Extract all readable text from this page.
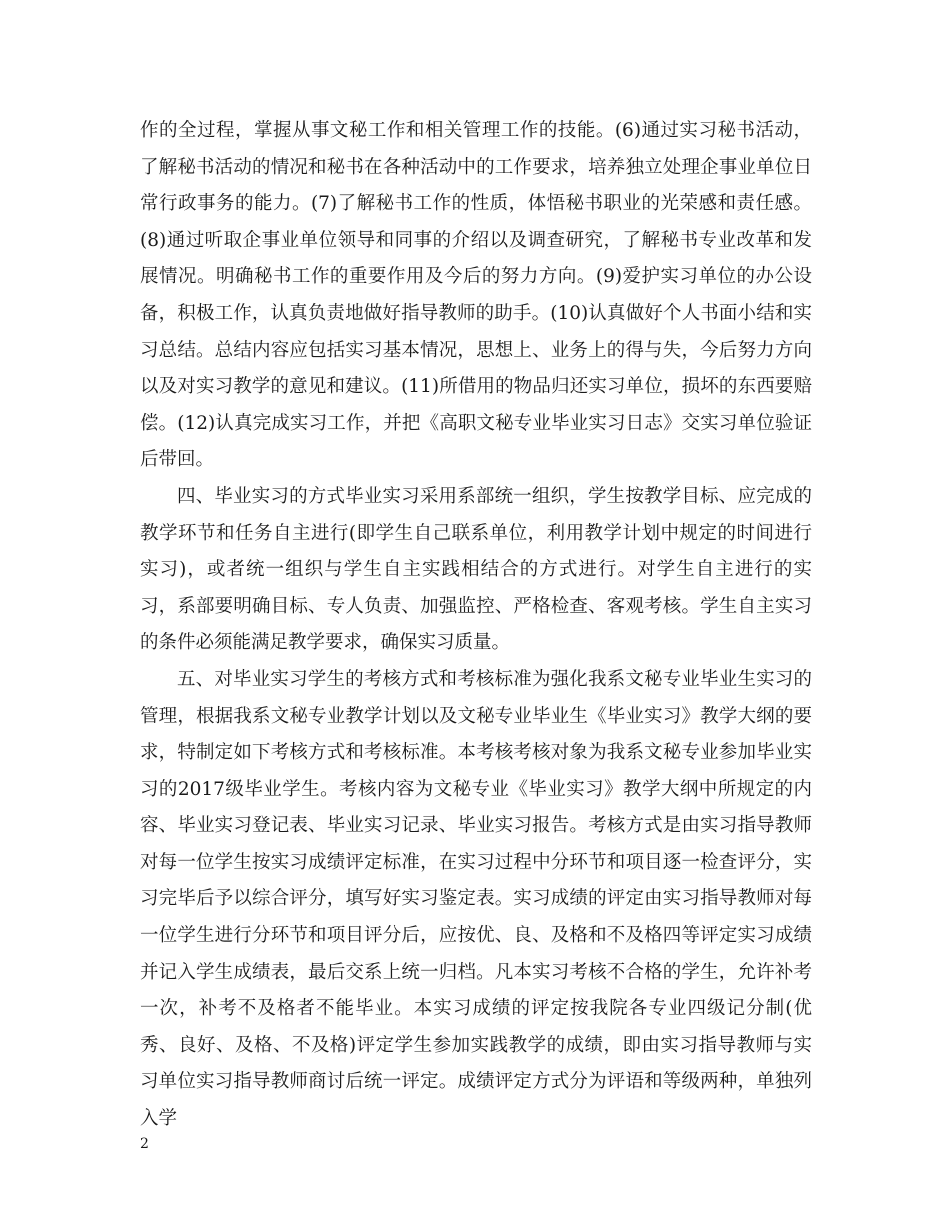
作的全过程，掌握从事文秘工作和相关管理工作的技能。(6)通过实习秘书活动，了解秘书活动的情况和秘书在各种活动中的工作要求，培养独立处理企事业单位日常行政事务的能力。(7)了解秘书工作的性质，体悟秘书职业的光荣感和责任感。(8)通过听取企事业单位领导和同事的介绍以及调查研究，了解秘书专业改革和发展情况。明确秘书工作的重要作用及今后的努力方向。(9)爱护实习单位的办公设备，积极工作，认真负责地做好指导教师的助手。(10)认真做好个人书面小结和实习总结。总结内容应包括实习基本情况，思想上、业务上的得与失，今后努力方向以及对实习教学的意见和建议。(11)所借用的物品归还实习单位，损坏的东西要赔偿。(12)认真完成实习工作，并把《高职文秘专业毕业实习日志》交实习单位验证后带回。

四、毕业实习的方式毕业实习采用系部统一组织，学生按教学目标、应完成的教学环节和任务自主进行(即学生自己联系单位，利用教学计划中规定的时间进行实习)，或者统一组织与学生自主实践相结合的方式进行。对学生自主进行的实习，系部要明确目标、专人负责、加强监控、严格检查、客观考核。学生自主实习的条件必须能满足教学要求，确保实习质量。

五、对毕业实习学生的考核方式和考核标准为强化我系文秘专业毕业生实习的管理，根据我系文秘专业教学计划以及文秘专业毕业生《毕业实习》教学大纲的要求，特制定如下考核方式和考核标准。本考核考核对象为我系文秘专业参加毕业实习的2017级毕业学生。考核内容为文秘专业《毕业实习》教学大纲中所规定的内容、毕业实习登记表、毕业实习记录、毕业实习报告。考核方式是由实习指导教师对每一位学生按实习成绩评定标准，在实习过程中分环节和项目逐一检查评分，实习完毕后予以综合评分，填写好实习鉴定表。实习成绩的评定由实习指导教师对每一位学生进行分环节和项目评分后，应按优、良、及格和不及格四等评定实习成绩并记入学生成绩表，最后交系上统一归档。凡本实习考核不合格的学生，允许补考一次，补考不及格者不能毕业。本实习成绩的评定按我院各专业四级记分制(优秀、良好、及格、不及格)评定学生参加实践教学的成绩，即由实习指导教师与实习单位实习指导教师商讨后统一评定。成绩评定方式分为评语和等级两种，单独列入学

2
